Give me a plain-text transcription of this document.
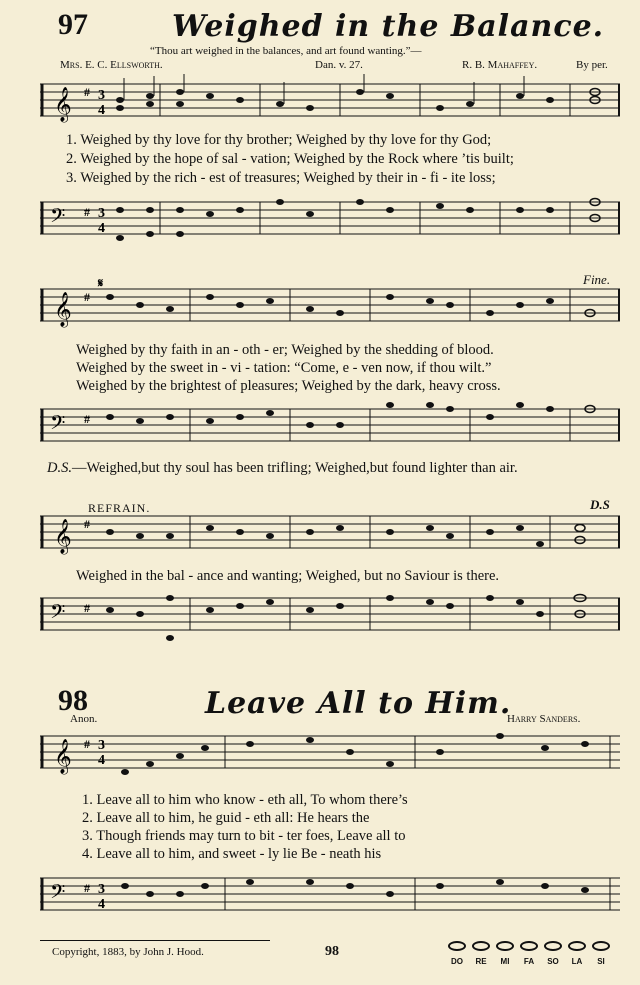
97	Weighed in the Balance.
“Thou art weighed in the balances, and art found wanting.”—
Mrs. E. C. Ellsworth.	Dan. v. 27.	R. B. Mahaffey.	By per.
𝄞 # 3
4
1. Weighed by thy love for thy brother; Weighed by thy love for thy God;
2. Weighed by the hope of sal - vation; Weighed by the Rock where ’tis built;
3. Weighed by the rich - est of treasures; Weighed by their in - fi - ite loss;
𝄢 # 3
4
𝄞 #
𝄋	Fine.
Weighed by thy faith in an - oth - er; Weighed by the shedding of blood.
Weighed by the sweet in - vi - tation: “Come, e - ven now, if thou wilt.”
Weighed by the brightest of pleasures; Weighed by the dark, heavy cross.
𝄢 #
D.S.—Weighed,but thy soul has been trifling; Weighed,but found lighter than air.
REFRAIN.	D.S
𝄞 #
Weighed in the bal - ance and wanting; Weighed, but no Saviour is there.
𝄢 #
98	Leave All to Him.
Anon.	Harry Sanders.
𝄞 # 3
4
1. Leave all to him who know - eth all, To whom there’s
2. Leave all to him, he guid - eth all: He hears the
3. Though friends may turn to bit - ter foes, Leave all to
4. Leave all to him, and sweet - ly lie Be - neath his
𝄢 # 3
4
Copyright, 1883, by John J. Hood.	98
DO	RE	MI	FA	SO	LA	SI
